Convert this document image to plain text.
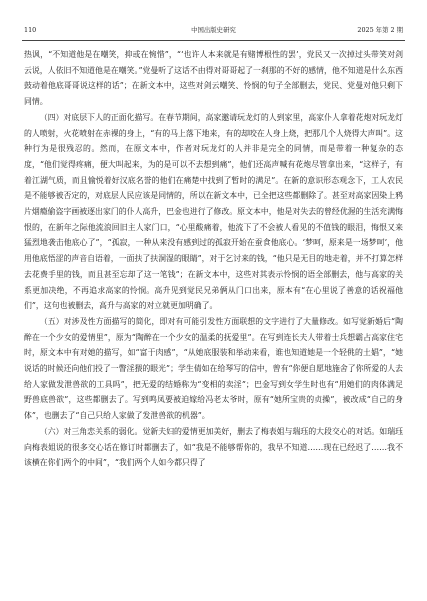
110	中国出版史研究	2025 年第 2 期

热讽，“不知道他是在嘲笑，抑或在惋惜”，“‘也许人本来就是有赌博根性的罢’，党民又一次掉过头带笑对剑云说，人依旧不知道他是在嘲笑。”党曼听了这话不由得对哥哥起了一刹那的不好的感情，他不知道是什么东西鼓动着他底哥哥说这样的话”；在新文本中，这些对剑云嘲笑、怜悯的句子全部删去，党民、党曼对他只剩下同情。

（四）对底层下人的正面化描写。在春节期间，高家邀请玩龙灯的人到家里，高家仆人拿着花炮对玩龙灯的人喷射，火花喷射在赤裸的身上，“有的马上落下地来，有的却咬在人身上烧，把那几个人烧得大声叫”。这种行为是很残忍的。然而，在原文本中，作者对玩龙灯的人并非是完全的同情，而是带着一种复杂的态度，“他们觉得疼痛，便大叫起来，为的是可以不去想到痛”，他们还高声喊有花炮尽管拿出来，“这样子，有着江湖气质，而且愉悦着好汉底名誉的他们在痛楚中找到了暂时的满足”。在新的意识形态观念下，工人农民是不能够被否定的，对底层人民应该是同情的，所以在新文本中，已全把这些都删除了。甚至对高家因染上鸦片烟瘾偷盗字画被逐出家门的仆人高升，巴金也进行了修改。原文本中，他是对失去的曾经优渥的生活充满悔恨的，在新年之际他流浪回旧主人家门口，“心里酸痛着，他流下了不会被人看见的不值钱的眼泪，悔恨又来猛烈地袭击他底心了”，“孤寂，一种从来没有感到过的孤寂开始在蚕食他底心。‘梦呵，原来是一场梦呵’，他用他底悟涩的声音自语着，一面扶了扶洞湿的眼睛”，对于乞讨来的钱，“他只是无目的地走着，并不打算怎样去花费手里的钱，而且甚至忘却了这一笔钱”；在新文本中，这些对其表示怜悯的语全部删去，他与高家的关系更加决绝，不再追求高家的怜悯。高升见到觉民兄弟俩从门口出来，原本有“在心里说了善意的话祝福他们”，这句也被删去，高升与高家的对立就更加明确了。

（五）对涉及性方面描写的简化，即对有可能引发性方面联想的文字进行了大量修改。如写觉新婚后“陶醉在一个少女的爱情里”，原为“陶醉在一个少女的温柔的抚爱里”。在写到连长夫人带着士兵想霸占高家住宅时，原文本中有对她的描写，如“富于肉感”，“从她底服装和举动来看，谁也知道她是一个轻佻的土娼”，“她说话的时候还向他们投了一瞥淫猥的眼光”；学生倩如在给琴写的信中，曾有“你便自愿地施舍了你所爱的人去给人家做发泄兽欲的工具吗”，把无爱的结婚称为“变相的卖淫”；巴金写到女学生时也有“用她们的肉体满足野兽底兽欲”，这些都删去了。写到鸣凤要被迫嫁给冯老太爷时，原有“她所宝贵的贞操”，被改成“自己的身体”，也删去了“自己只给人家做了发泄兽欲的机器”。

（六）对三角恋关系的弱化。觉新夫妇的爱情更加美好，删去了梅表姐与瑞珏的大段交心的对话。如瑞珏向梅表姐说的很多交心话在修订时都删去了，如“我是不能够帮你的，我早不知道……现在已经迟了……我不该横在你们两个的中间”，“我们两个人如今都只得了
